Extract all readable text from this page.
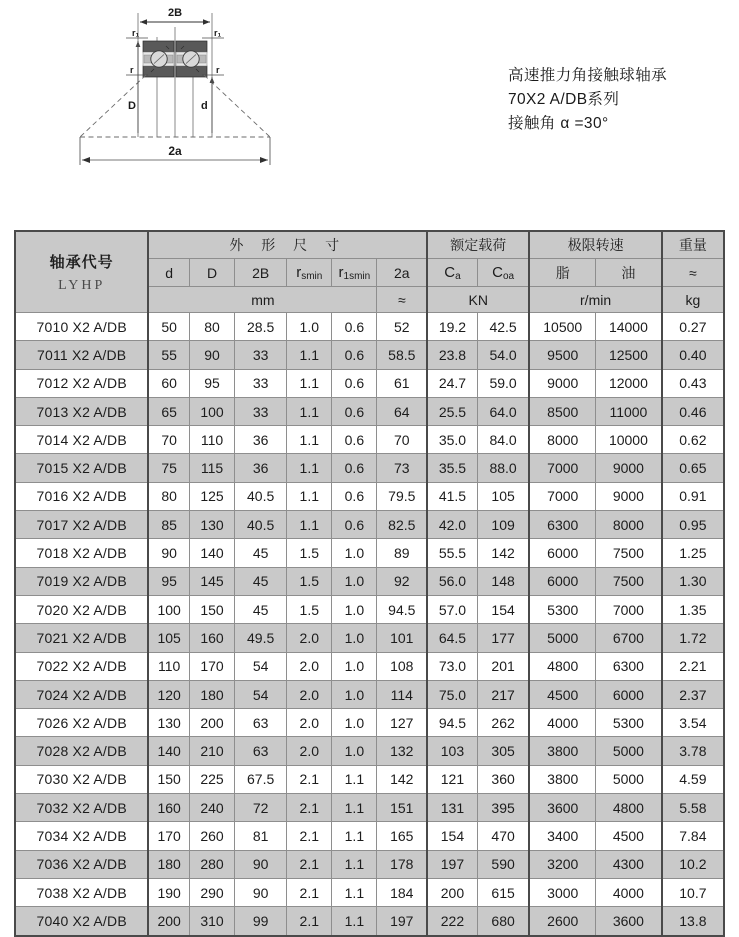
2B
r₁	r₁
r	r
D	d
2a
高速推力角接触球轴承
70X2 A/DB系列
接触角 α =30°
轴承代号
LYHP	外 形 尺 寸						额定载荷		极限转速		重量
	d	D	2B	$r_{smin}$	$r_{1smin}$	2a	$C_a$	$C_{oa}$	脂	油	≈
	mm					≈	KN		r/min		kg
7010 X2 A/DB	50	80	28.5	1.0	0.6	52	19.2	42.5	10500	14000	0.27
7011 X2 A/DB	55	90	33	1.1	0.6	58.5	23.8	54.0	9500	12500	0.40
7012 X2 A/DB	60	95	33	1.1	0.6	61	24.7	59.0	9000	12000	0.43
7013 X2 A/DB	65	100	33	1.1	0.6	64	25.5	64.0	8500	11000	0.46
7014 X2 A/DB	70	110	36	1.1	0.6	70	35.0	84.0	8000	10000	0.62
7015 X2 A/DB	75	115	36	1.1	0.6	73	35.5	88.0	7000	9000	0.65
7016 X2 A/DB	80	125	40.5	1.1	0.6	79.5	41.5	105	7000	9000	0.91
7017 X2 A/DB	85	130	40.5	1.1	0.6	82.5	42.0	109	6300	8000	0.95
7018 X2 A/DB	90	140	45	1.5	1.0	89	55.5	142	6000	7500	1.25
7019 X2 A/DB	95	145	45	1.5	1.0	92	56.0	148	6000	7500	1.30
7020 X2 A/DB	100	150	45	1.5	1.0	94.5	57.0	154	5300	7000	1.35
7021 X2 A/DB	105	160	49.5	2.0	1.0	101	64.5	177	5000	6700	1.72
7022 X2 A/DB	110	170	54	2.0	1.0	108	73.0	201	4800	6300	2.21
7024 X2 A/DB	120	180	54	2.0	1.0	114	75.0	217	4500	6000	2.37
7026 X2 A/DB	130	200	63	2.0	1.0	127	94.5	262	4000	5300	3.54
7028 X2 A/DB	140	210	63	2.0	1.0	132	103	305	3800	5000	3.78
7030 X2 A/DB	150	225	67.5	2.1	1.1	142	121	360	3800	5000	4.59
7032 X2 A/DB	160	240	72	2.1	1.1	151	131	395	3600	4800	5.58
7034 X2 A/DB	170	260	81	2.1	1.1	165	154	470	3400	4500	7.84
7036 X2 A/DB	180	280	90	2.1	1.1	178	197	590	3200	4300	10.2
7038 X2 A/DB	190	290	90	2.1	1.1	184	200	615	3000	4000	10.7
7040 X2 A/DB	200	310	99	2.1	1.1	197	222	680	2600	3600	13.8
